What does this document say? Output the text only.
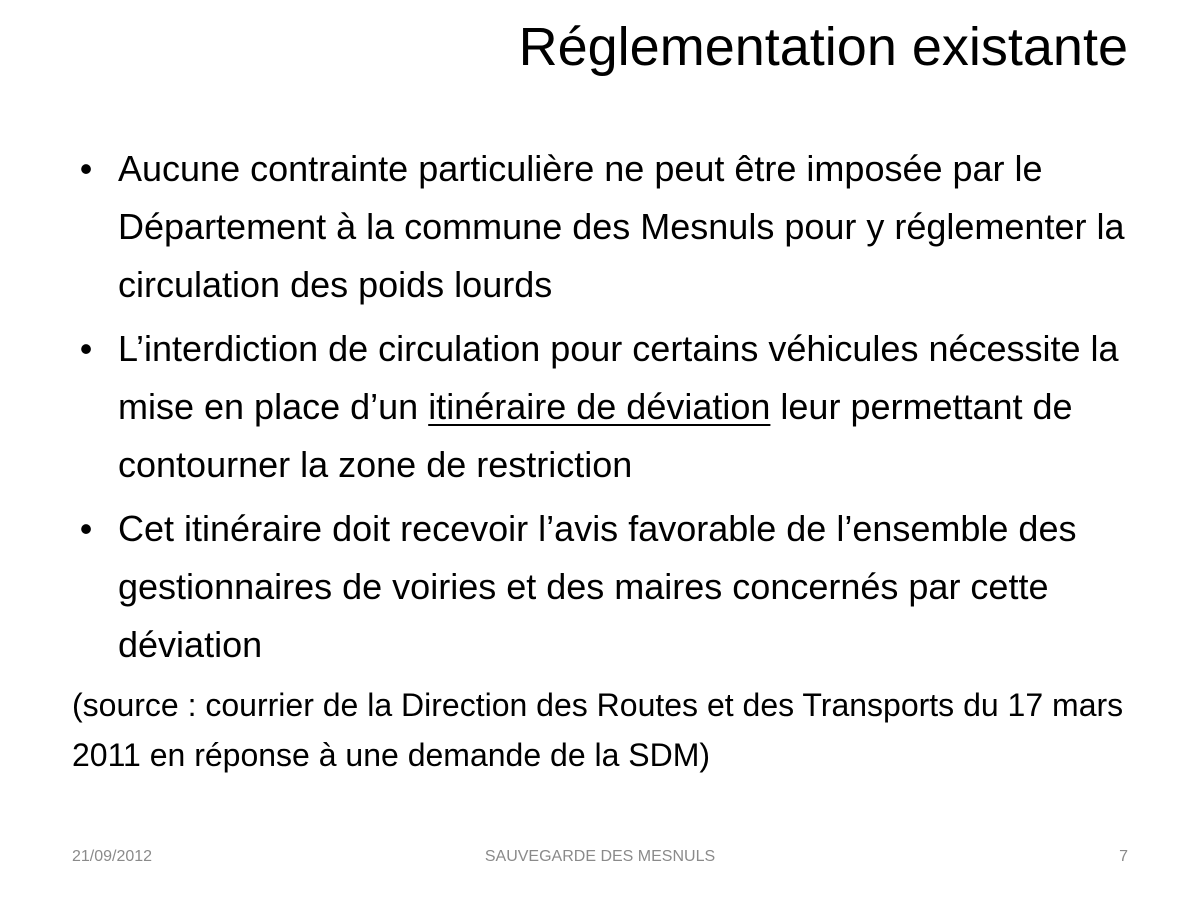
Réglementation existante
• Aucune contrainte particulière ne peut être imposée par le Département à la commune des Mesnuls pour y réglementer la circulation des poids lourds
• L’interdiction de circulation pour certains véhicules nécessite la mise en place d’un itinéraire de déviation leur permettant de contourner la zone de restriction
• Cet itinéraire doit recevoir l’avis favorable de l’ensemble des gestionnaires de voiries et des maires concernés par cette déviation
(source : courrier de la Direction des Routes et des Transports du 17 mars 2011 en réponse à une demande de la SDM)
21/09/2012	SAUVEGARDE DES MESNULS	7
